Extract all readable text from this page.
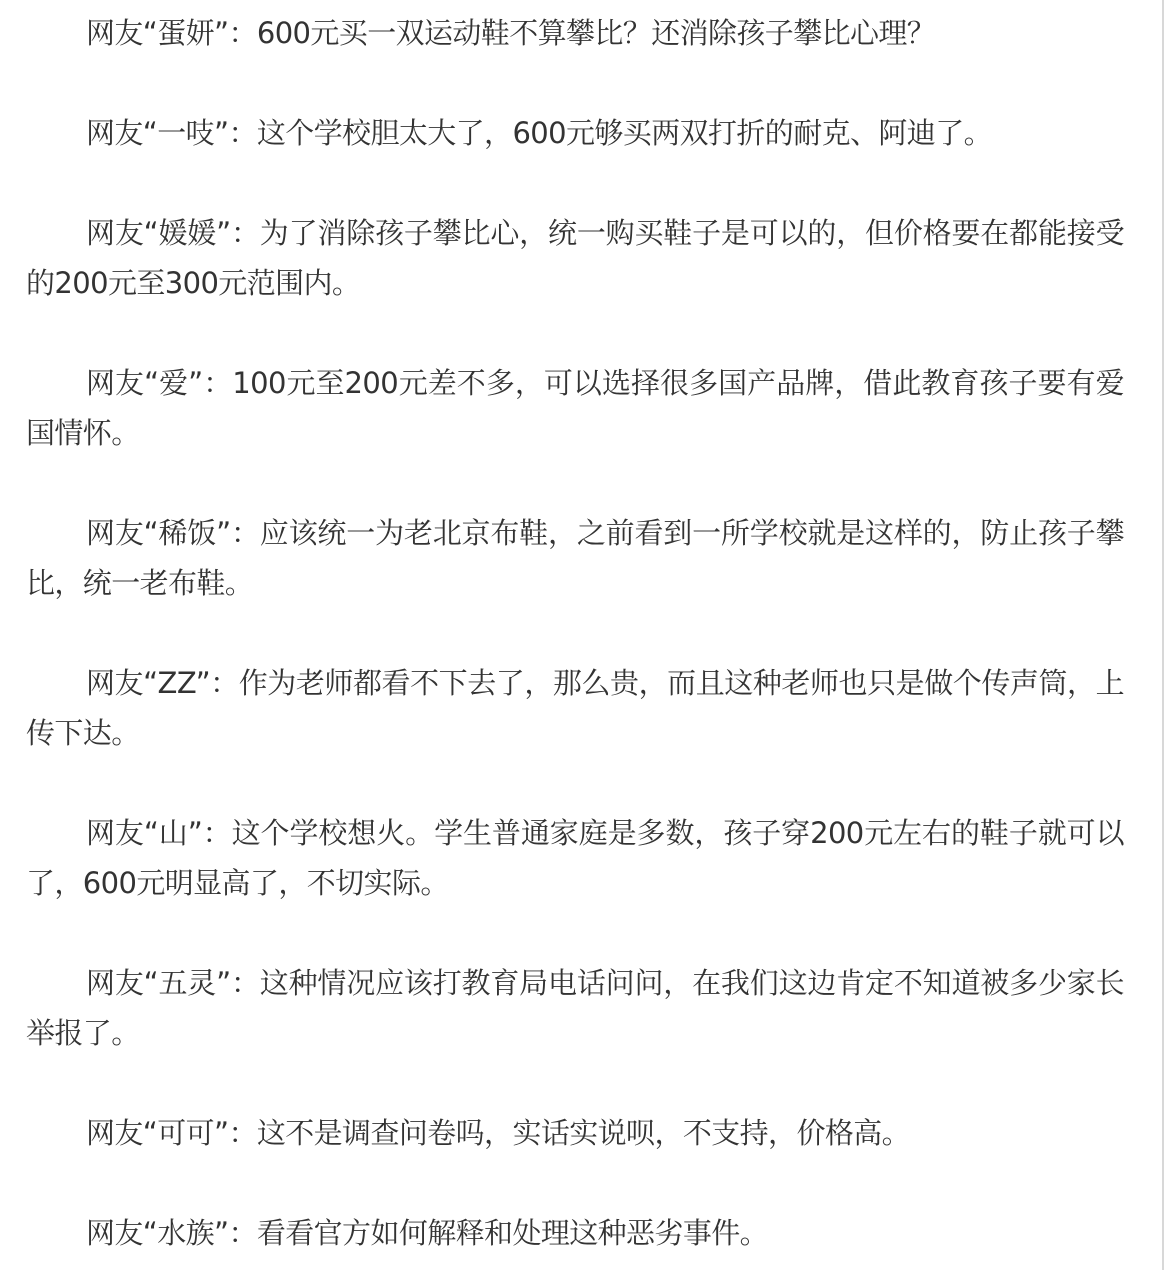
网友“蛋妍”：600元买一双运动鞋不算攀比？还消除孩子攀比心理？

网友“一吱”：这个学校胆太大了，600元够买两双打折的耐克、阿迪了。

网友“媛媛”：为了消除孩子攀比心，统一购买鞋子是可以的，但价格要在都能接受的200元至300元范围内。

网友“爱”：100元至200元差不多，可以选择很多国产品牌，借此教育孩子要有爱国情怀。

网友“稀饭”：应该统一为老北京布鞋，之前看到一所学校就是这样的，防止孩子攀比，统一老布鞋。

网友“ZZ”：作为老师都看不下去了，那么贵，而且这种老师也只是做个传声筒，上传下达。

网友“山”：这个学校想火。学生普通家庭是多数，孩子穿200元左右的鞋子就可以了，600元明显高了，不切实际。

网友“五灵”：这种情况应该打教育局电话问问，在我们这边肯定不知道被多少家长举报了。

网友“可可”：这不是调查问卷吗，实话实说呗，不支持，价格高。

网友“水族”：看看官方如何解释和处理这种恶劣事件。
